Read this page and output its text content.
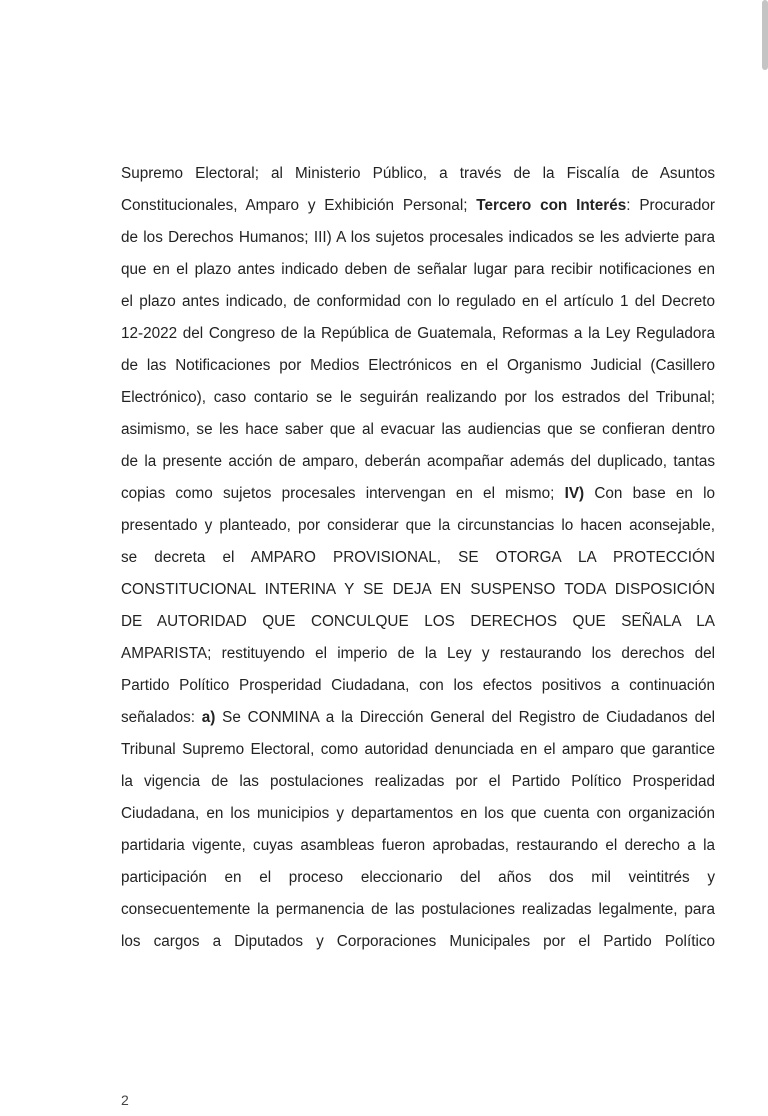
Supremo Electoral; al Ministerio Público, a través de la Fiscalía de Asuntos
Constitucionales, Amparo y Exhibición Personal; Tercero con Interés: Procurador
de los Derechos Humanos; III) A los sujetos procesales indicados se les advierte para
que en el plazo antes indicado deben de señalar lugar para recibir notificaciones en
el plazo antes indicado, de conformidad con lo regulado en el artículo 1 del Decreto
12-2022 del Congreso de la República de Guatemala, Reformas a la Ley Reguladora
de las Notificaciones por Medios Electrónicos en el Organismo Judicial (Casillero
Electrónico), caso contario se le seguirán realizando por los estrados del Tribunal;
asimismo, se les hace saber que al evacuar las audiencias que se confieran dentro
de la presente acción de amparo, deberán acompañar además del duplicado, tantas
copias como sujetos procesales intervengan en el mismo; IV) Con base en lo
presentado y planteado, por considerar que la circunstancias lo hacen aconsejable,
se decreta el AMPARO PROVISIONAL, SE OTORGA LA PROTECCIÓN
CONSTITUCIONAL INTERINA Y SE DEJA EN SUSPENSO TODA DISPOSICIÓN
DE AUTORIDAD QUE CONCULQUE LOS DERECHOS QUE SEÑALA LA
AMPARISTA; restituyendo el imperio de la Ley y restaurando los derechos del
Partido Político Prosperidad Ciudadana, con los efectos positivos a continuación
señalados: a) Se CONMINA a la Dirección General del Registro de Ciudadanos del
Tribunal Supremo Electoral, como autoridad denunciada en el amparo que garantice
la vigencia de las postulaciones realizadas por el Partido Político Prosperidad
Ciudadana, en los municipios y departamentos en los que cuenta con organización
partidaria vigente, cuyas asambleas fueron aprobadas, restaurando el derecho a la
participación en el proceso eleccionario del años dos mil veintitrés y
consecuentemente la permanencia de las postulaciones realizadas legalmente, para
los cargos a Diputados y Corporaciones Municipales por el Partido Político
2
